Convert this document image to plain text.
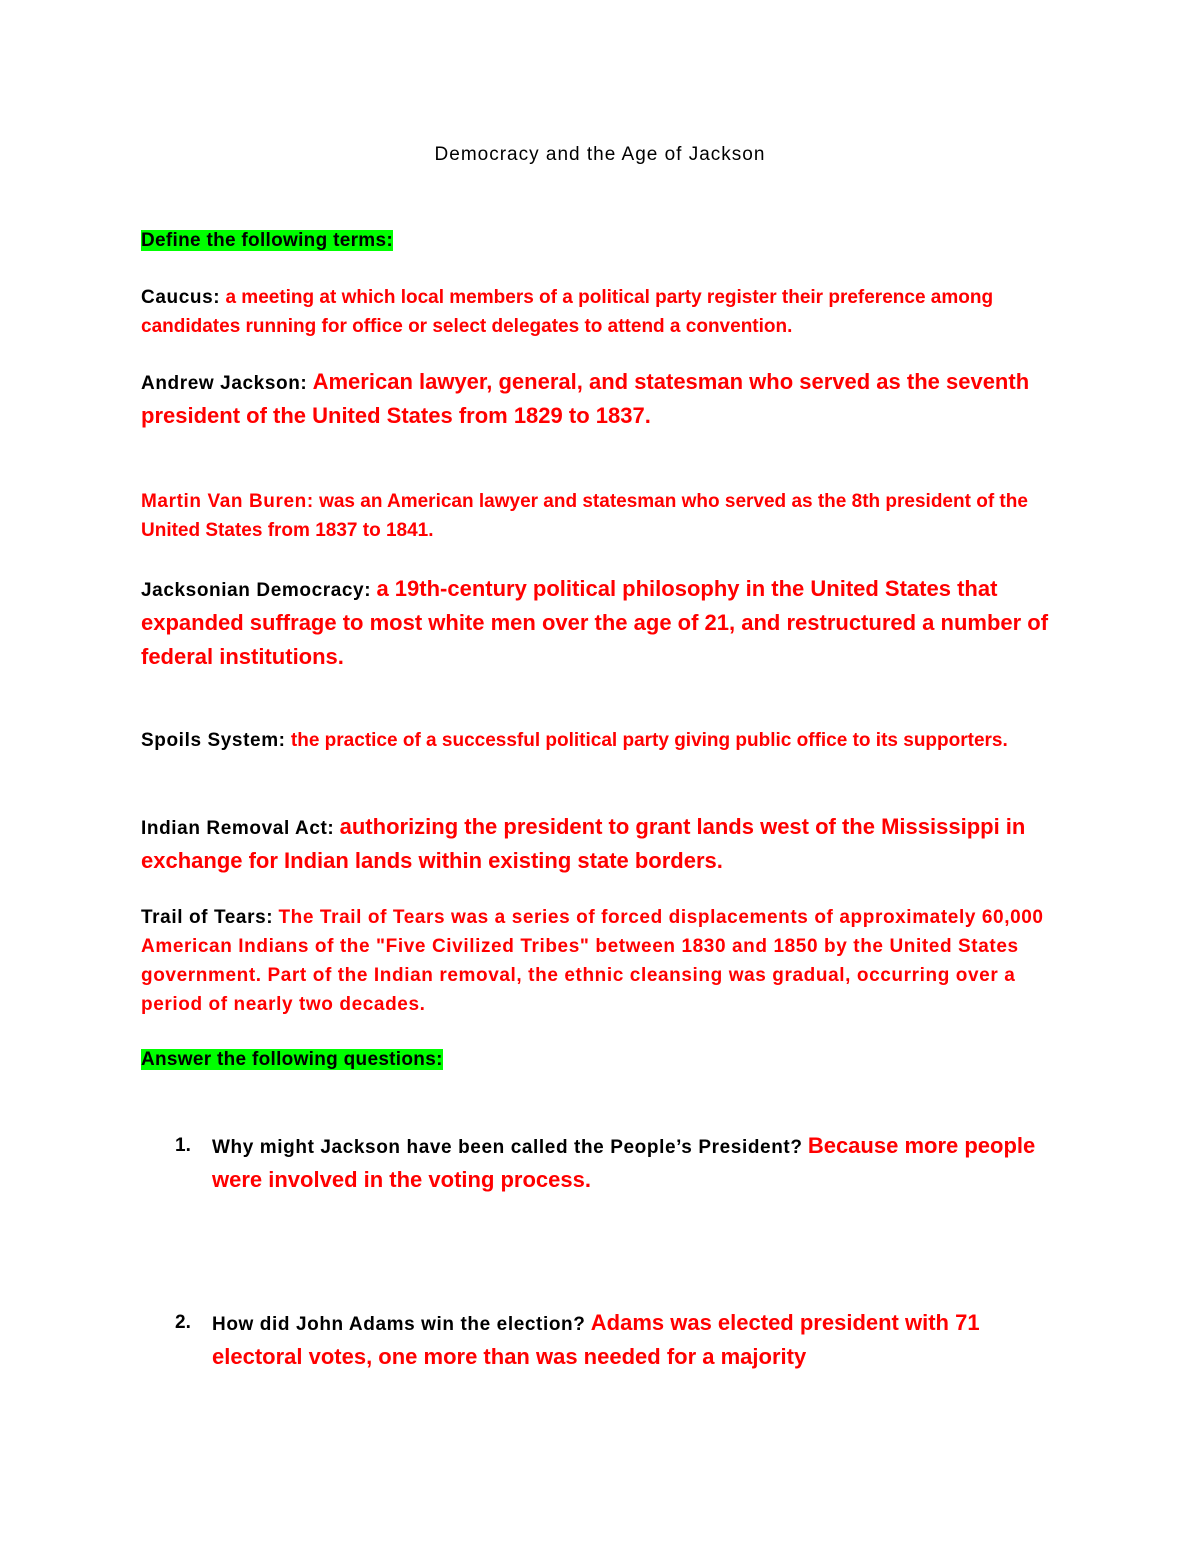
Democracy and the Age of Jackson
Define the following terms:
Caucus: a meeting at which local members of a political party register their preference among candidates running for office or select delegates to attend a convention.
Andrew Jackson: American lawyer, general, and statesman who served as the seventh president of the United States from 1829 to 1837.
Martin Van Buren: was an American lawyer and statesman who served as the 8th president of the United States from 1837 to 1841.
Jacksonian Democracy: a 19th-century political philosophy in the United States that expanded suffrage to most white men over the age of 21, and restructured a number of federal institutions.
Spoils System: the practice of a successful political party giving public office to its supporters.
Indian Removal Act: authorizing the president to grant lands west of the Mississippi in exchange for Indian lands within existing state borders.
Trail of Tears: The Trail of Tears was a series of forced displacements of approximately 60,000 American Indians of the "Five Civilized Tribes" between 1830 and 1850 by the United States government. Part of the Indian removal, the ethnic cleansing was gradual, occurring over a period of nearly two decades.
Answer the following questions:
1.	Why might Jackson have been called the People’s President? Because more people were involved in the voting process.
2.	How did John Adams win the election? Adams was elected president with 71 electoral votes, one more than was needed for a majority
